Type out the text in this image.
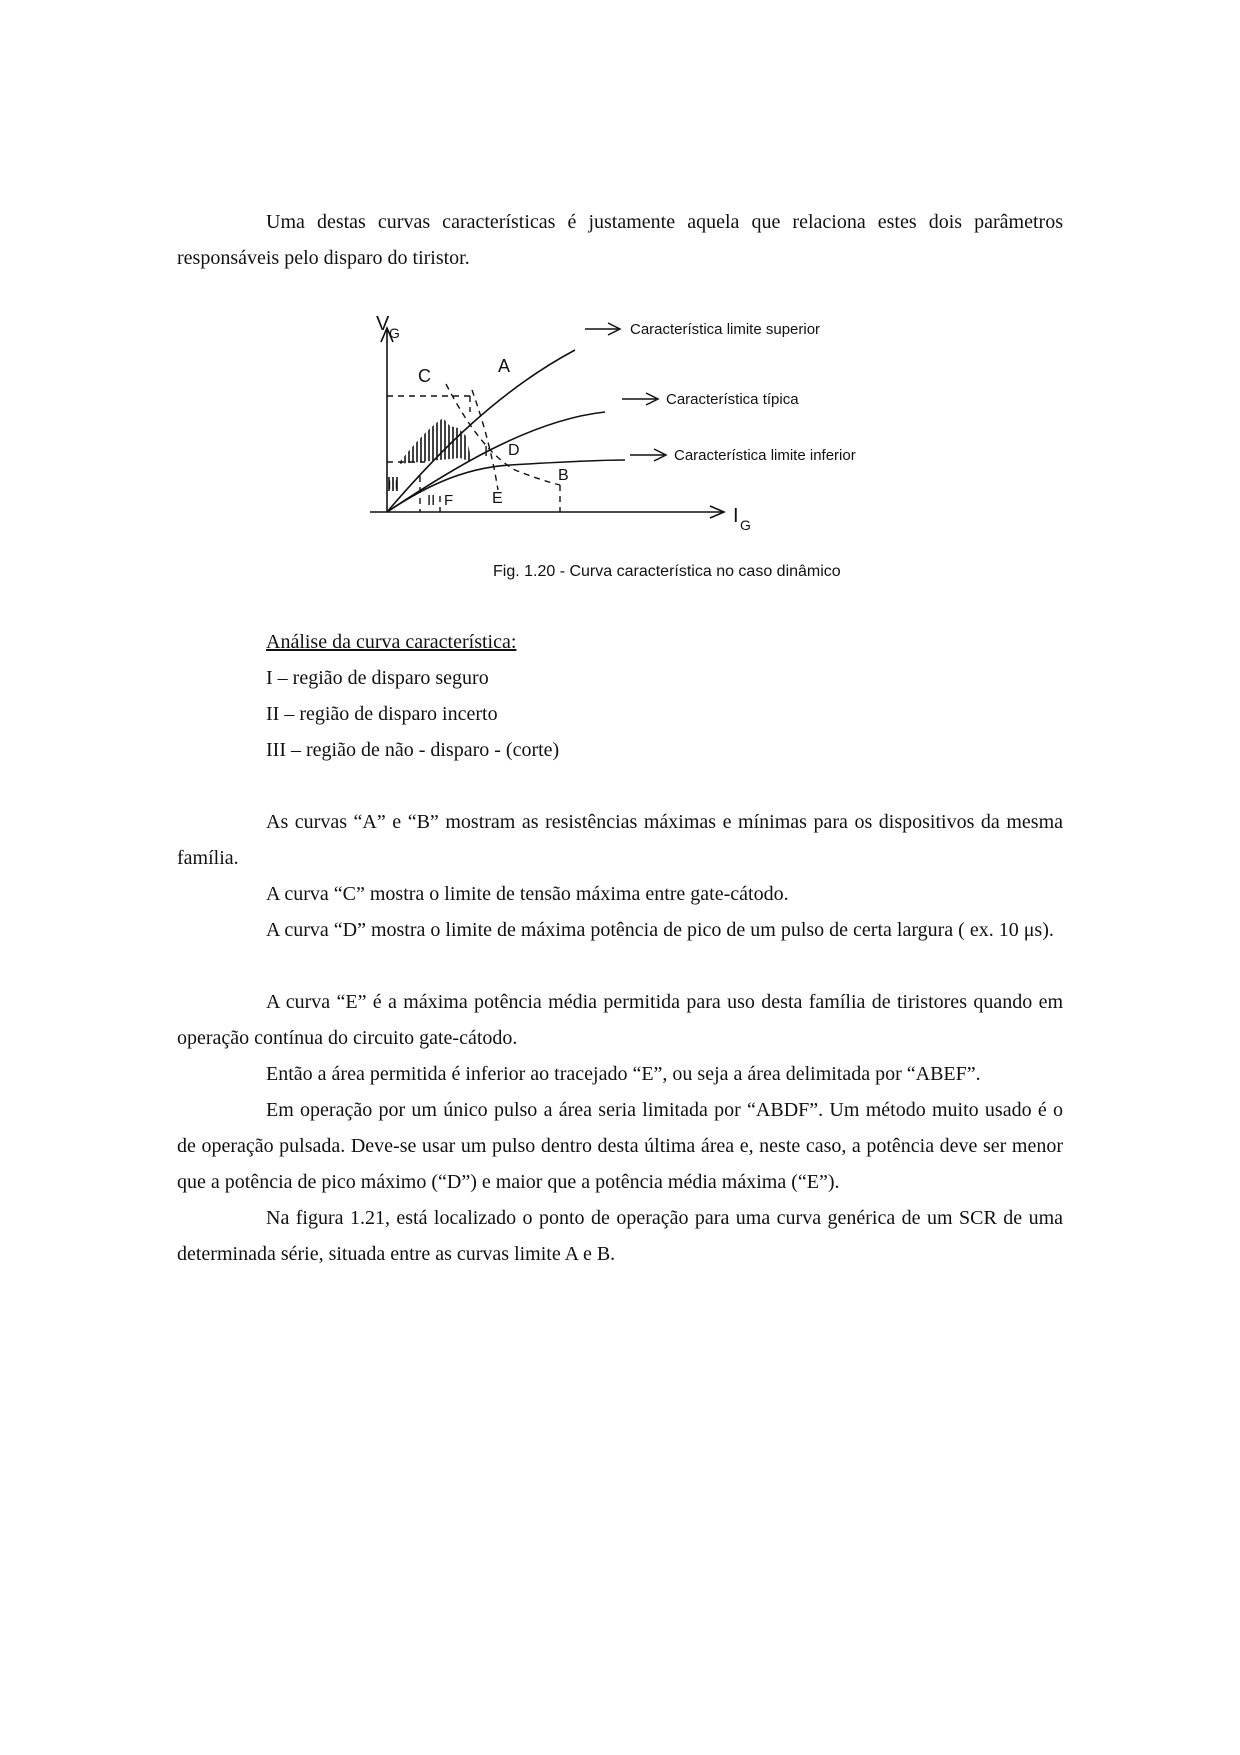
Uma destas curvas características é justamente aquela que relaciona estes dois parâmetros responsáveis pelo disparo do tiristor.

V G
I G
C	A
D
B
E
F
I
II
III
Característica limite superior
Característica típica
Característica limite inferior
Fig. 1.20 - Curva característica no caso dinâmico

Análise da curva característica:

I – região de disparo seguro

II – região de disparo incerto

III – região de não - disparo - (corte)

As curvas “A” e “B” mostram as resistências máximas e mínimas para os dispositivos da mesma família.

A curva “C” mostra o limite de tensão máxima entre gate-cátodo.

A curva “D” mostra o limite de máxima potência de pico de um pulso de certa largura ( ex. 10 μs).

A curva “E” é a máxima potência média permitida para uso desta família de tiristores quando em operação contínua do circuito gate-cátodo.

Então a área permitida é inferior ao tracejado “E”, ou seja a área delimitada por “ABEF”.

Em operação por um único pulso a área seria limitada por “ABDF”. Um método muito usado é o de operação pulsada. Deve-se usar um pulso dentro desta última área e, neste caso, a potência deve ser menor que a potência de pico máximo (“D”) e maior que a potência média máxima (“E”).

Na figura 1.21, está localizado o ponto de operação para uma curva genérica de um SCR de uma determinada série, situada entre as curvas limite A e B.
